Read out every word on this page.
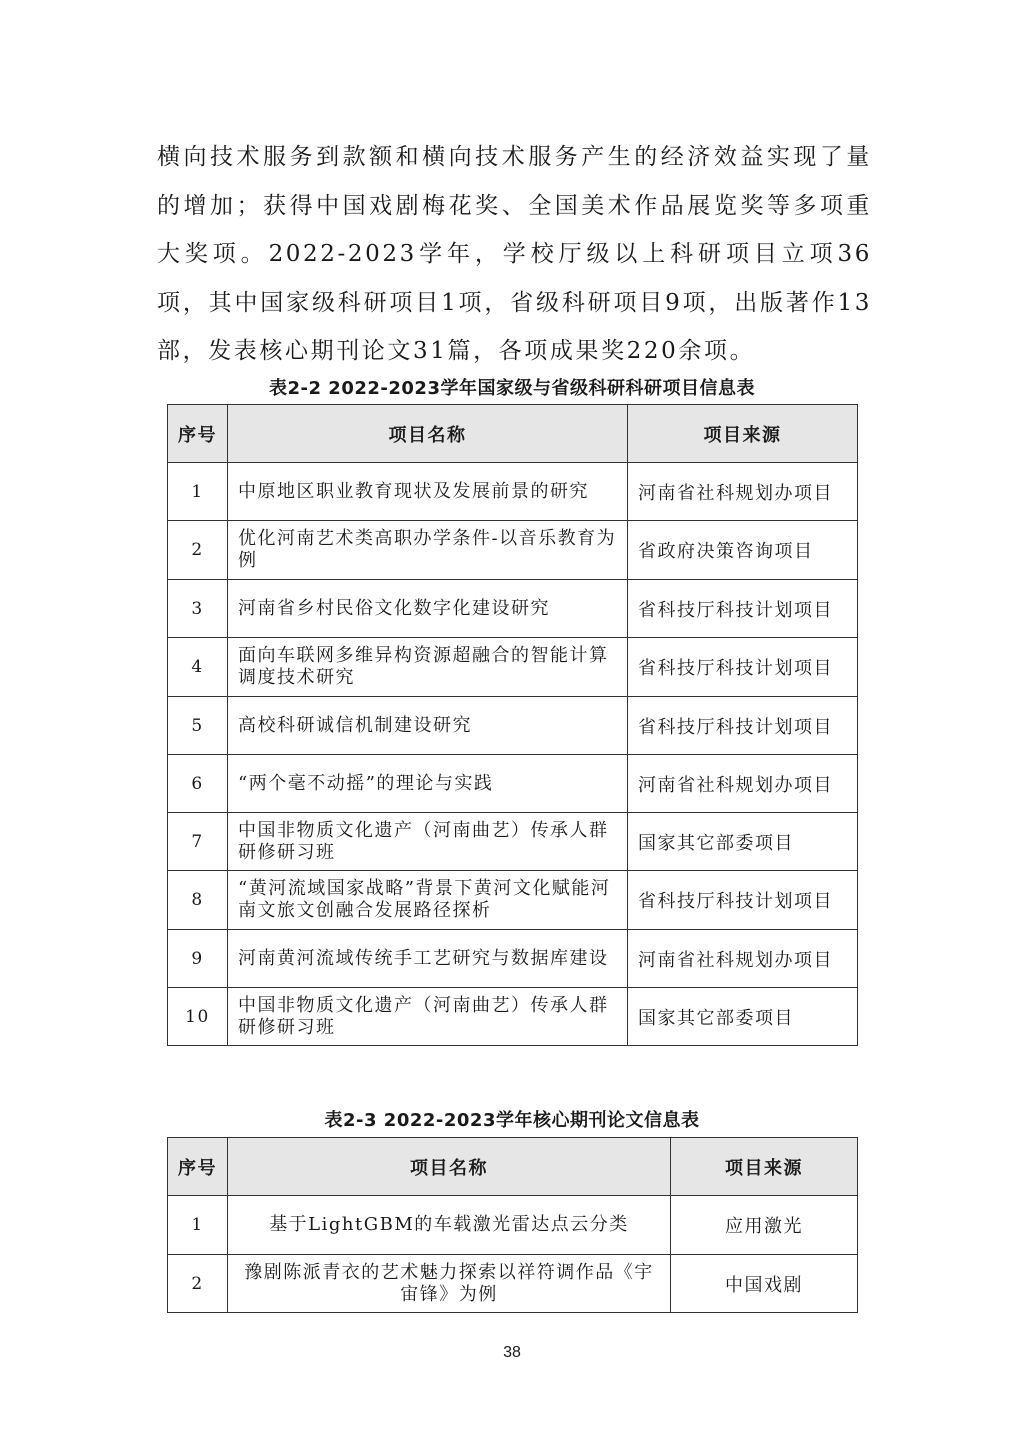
横向技术服务到款额和横向技术服务产生的经济效益实现了量的增加；获得中国戏剧梅花奖、全国美术作品展览奖等多项重大奖项。2022-2023学年，学校厅级以上科研项目立项36项，其中国家级科研项目1项，省级科研项目9项，出版著作13部，发表核心期刊论文31篇，各项成果奖220余项。

表2-2 2022-2023学年国家级与省级科研科研项目信息表
序号	项目名称	项目来源
1	中原地区职业教育现状及发展前景的研究	河南省社科规划办项目
2	优化河南艺术类高职办学条件-以音乐教育为例	省政府决策咨询项目
3	河南省乡村民俗文化数字化建设研究	省科技厅科技计划项目
4	面向车联网多维异构资源超融合的智能计算调度技术研究	省科技厅科技计划项目
5	高校科研诚信机制建设研究	省科技厅科技计划项目
6	“两个毫不动摇”的理论与实践	河南省社科规划办项目
7	中国非物质文化遗产（河南曲艺）传承人群研修研习班	国家其它部委项目
8	“黄河流域国家战略”背景下黄河文化赋能河南文旅文创融合发展路径探析	省科技厅科技计划项目
9	河南黄河流域传统手工艺研究与数据库建设	河南省社科规划办项目
10	中国非物质文化遗产（河南曲艺）传承人群研修研习班	国家其它部委项目
表2-3 2022-2023学年核心期刊论文信息表
序号	项目名称	项目来源
1	基于LightGBM的车载激光雷达点云分类	应用激光
2	豫剧陈派青衣的艺术魅力探索以祥符调作品《宇宙锋》为例	中国戏剧
38
